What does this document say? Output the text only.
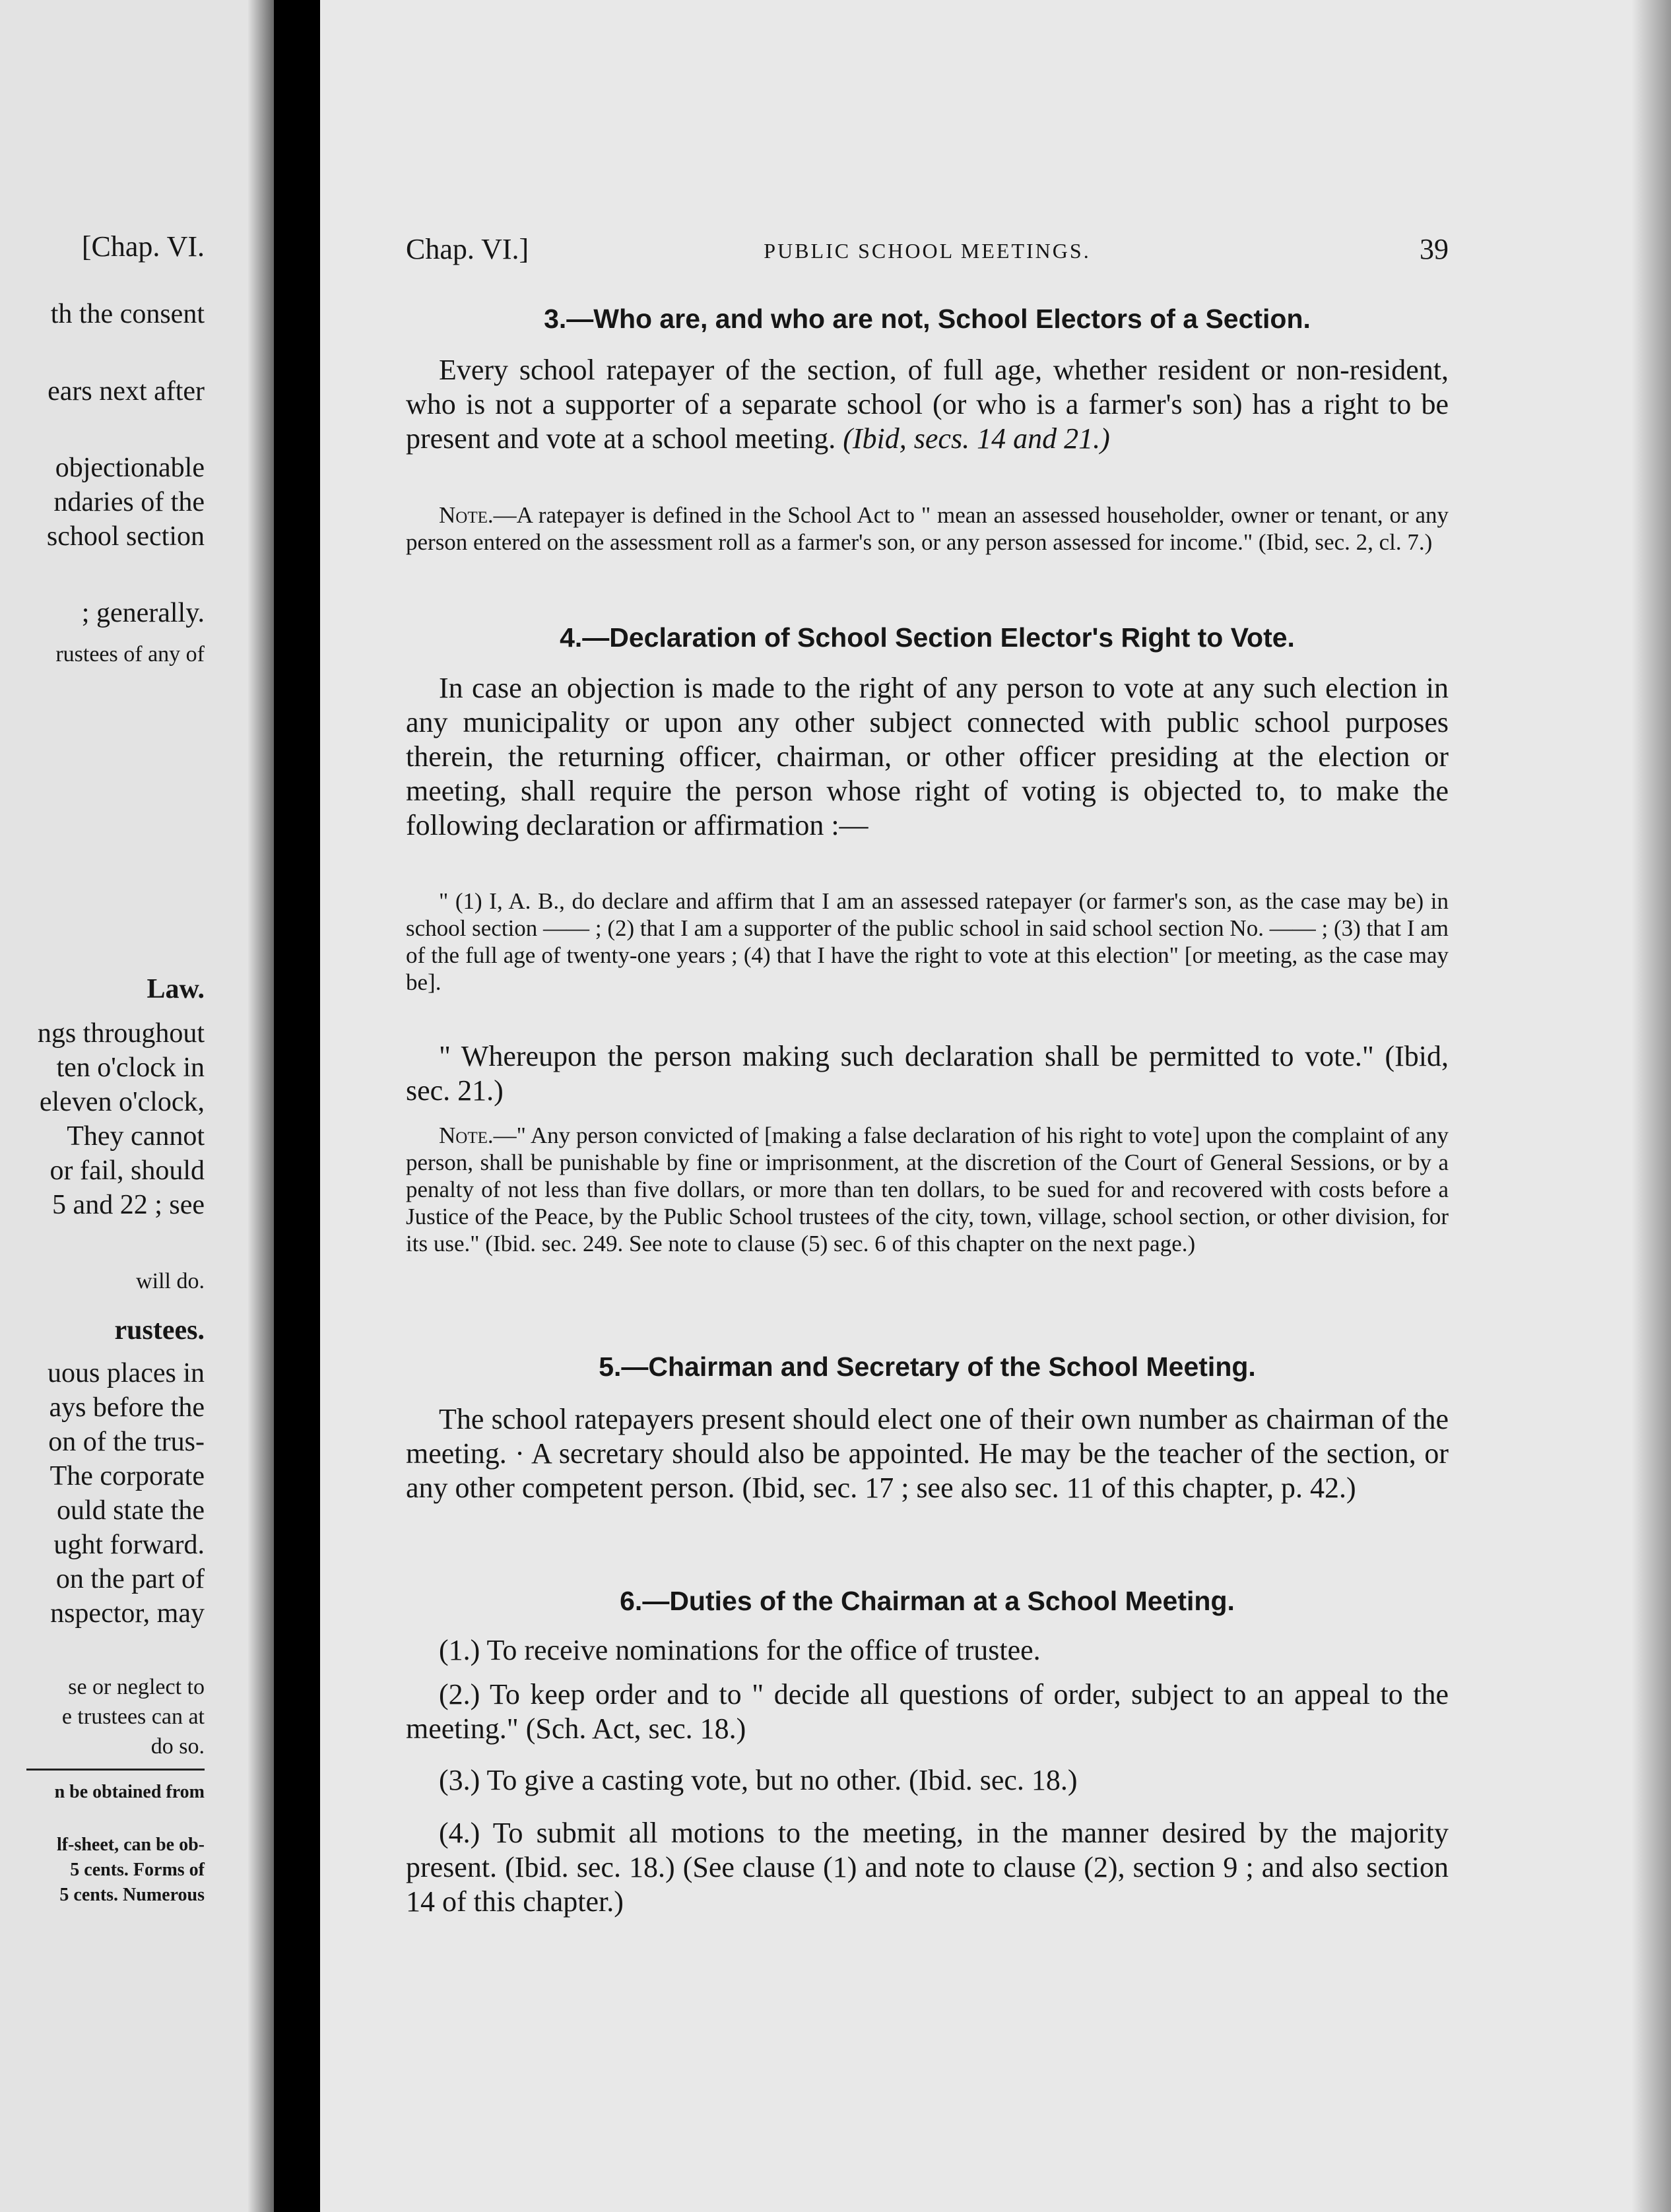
[Chap. VI.
th the consent
ears next after
objectionable
ndaries of the
school section
; generally.
rustees of any of
Law.
ngs throughout
ten o'clock in
eleven o'clock,
They cannot
or fail, should
5 and 22 ; see
will do.
rustees.
uous places in
ays before the
on of the trus-
The corporate
ould state the
ught forward.
on the part of
nspector, may
se or neglect to
e trustees can at
do so.
n be obtained from
lf-sheet, can be ob-
5 cents. Forms of
5 cents. Numerous
Chap. VI.]	PUBLIC SCHOOL MEETINGS.	39
3.—Who are, and who are not, School Electors of a Section.
Every school ratepayer of the section, of full age, whether resident or non-resident, who is not a supporter of a separate school (or who is a farmer's son) has a right to be present and vote at a school meeting. (Ibid, secs. 14 and 21.)
Note.—A ratepayer is defined in the School Act to " mean an assessed householder, owner or tenant, or any person entered on the assessment roll as a farmer's son, or any person assessed for income." (Ibid, sec. 2, cl. 7.)
4.—Declaration of School Section Elector's Right to Vote.
In case an objection is made to the right of any person to vote at any such election in any municipality or upon any other subject connected with public school purposes therein, the returning officer, chairman, or other officer presiding at the election or meeting, shall require the person whose right of voting is objected to, to make the following declaration or affirmation :—
" (1) I, A. B., do declare and affirm that I am an assessed ratepayer (or farmer's son, as the case may be) in school section —— ; (2) that I am a supporter of the public school in said school section No. —— ; (3) that I am of the full age of twenty-one years ; (4) that I have the right to vote at this election" [or meeting, as the case may be].
" Whereupon the person making such declaration shall be permitted to vote." (Ibid, sec. 21.)
Note.—" Any person convicted of [making a false declaration of his right to vote] upon the complaint of any person, shall be punishable by fine or imprisonment, at the discretion of the Court of General Sessions, or by a penalty of not less than five dollars, or more than ten dollars, to be sued for and recovered with costs before a Justice of the Peace, by the Public School trustees of the city, town, village, school section, or other division, for its use." (Ibid. sec. 249. See note to clause (5) sec. 6 of this chapter on the next page.)
5.—Chairman and Secretary of the School Meeting.
The school ratepayers present should elect one of their own number as chairman of the meeting. · A secretary should also be appointed. He may be the teacher of the section, or any other competent person. (Ibid, sec. 17 ; see also sec. 11 of this chapter, p. 42.)
6.—Duties of the Chairman at a School Meeting.
(1.) To receive nominations for the office of trustee.
(2.) To keep order and to " decide all questions of order, subject to an appeal to the meeting." (Sch. Act, sec. 18.)
(3.) To give a casting vote, but no other. (Ibid. sec. 18.)
(4.) To submit all motions to the meeting, in the manner desired by the majority present. (Ibid. sec. 18.) (See clause (1) and note to clause (2), section 9 ; and also section 14 of this chapter.)
